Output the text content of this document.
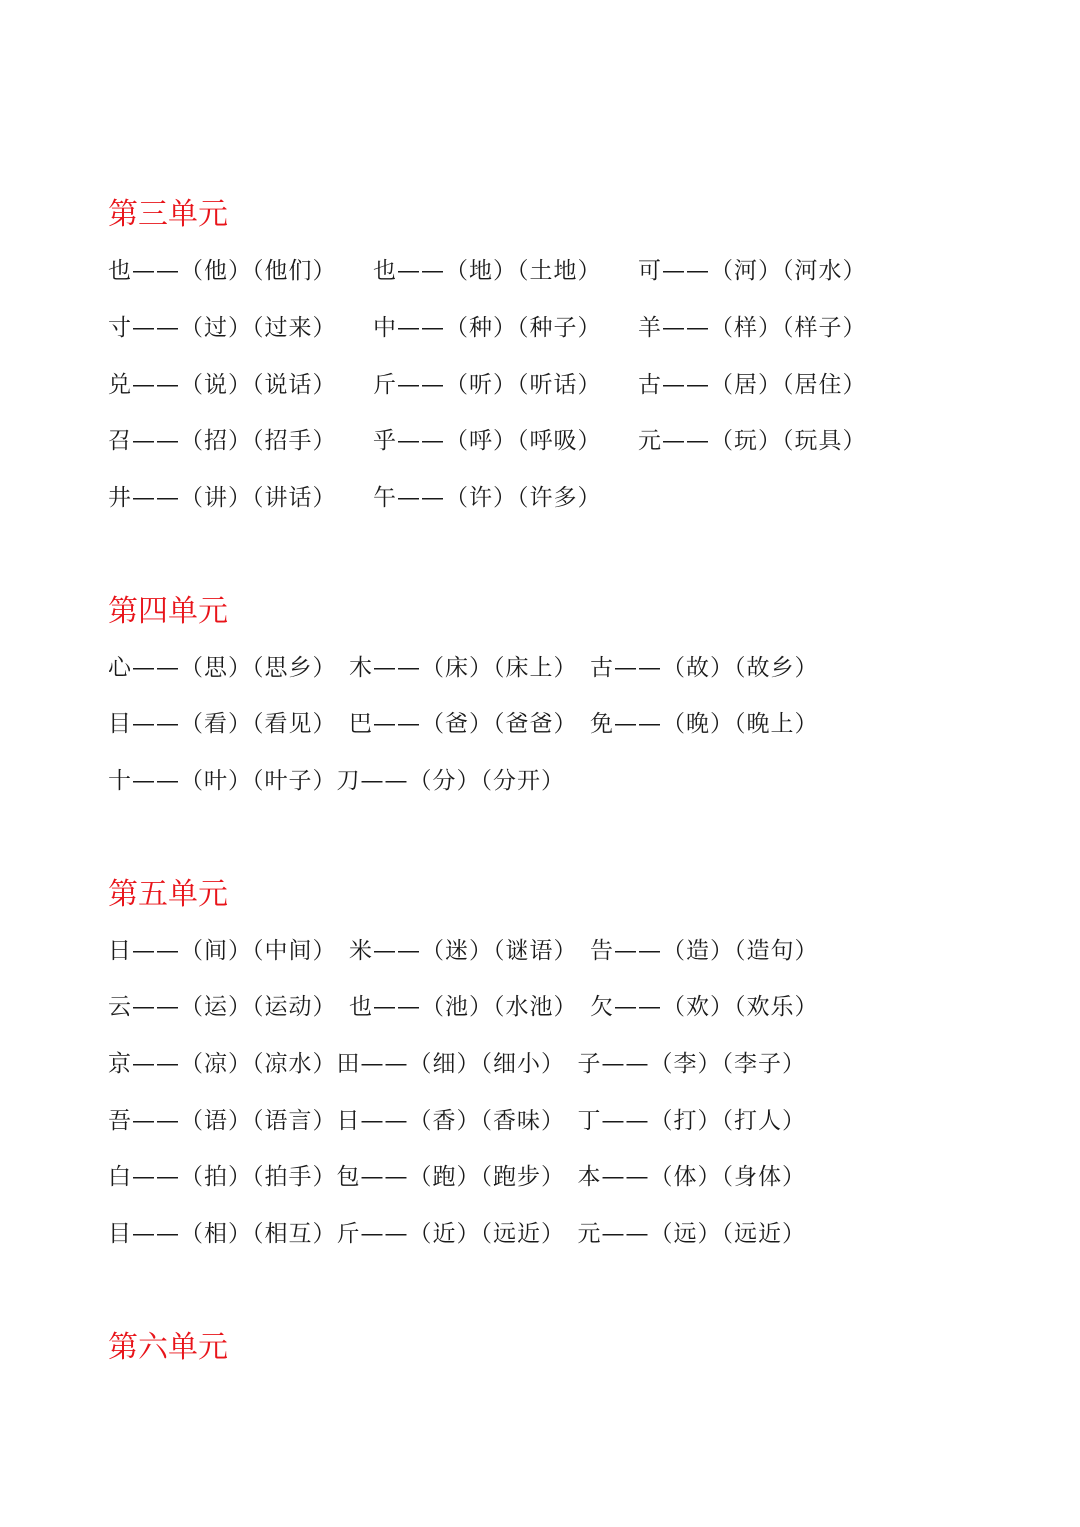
第三单元
也——（他）（他们）　　也——（地）（土地）　　可——（河）（河水）
寸——（过）（过来）　　中——（种）（种子）　　羊——（样）（样子）
兑——（说）（说话）　　斤——（听）（听话）　　古——（居）（居住）
召——（招）（招手）　　乎——（呼）（呼吸）　　元——（玩）（玩具）
井——（讲）（讲话）　　午——（许）（许多）
第四单元
心——（思）（思乡）　木——（床）（床上）　古——（故）（故乡）
目——（看）（看见）　巴——（爸）（爸爸）　免——（晚）（晚上）
十——（叶）（叶子）刀——（分）（分开）
第五单元
日——（间）（中间）　米——（迷）（谜语）　告——（造）（造句）
云——（运）（运动）　也——（池）（水池）　欠——（欢）（欢乐）
京——（凉）（凉水）田——（细）（细小）　子——（李）（李子）
吾——（语）（语言）日——（香）（香味）　丁——（打）（打人）
白——（拍）（拍手）包——（跑）（跑步）　本——（体）（身体）
目——（相）（相互）斤——（近）（远近）　元——（远）（远近）
第六单元
